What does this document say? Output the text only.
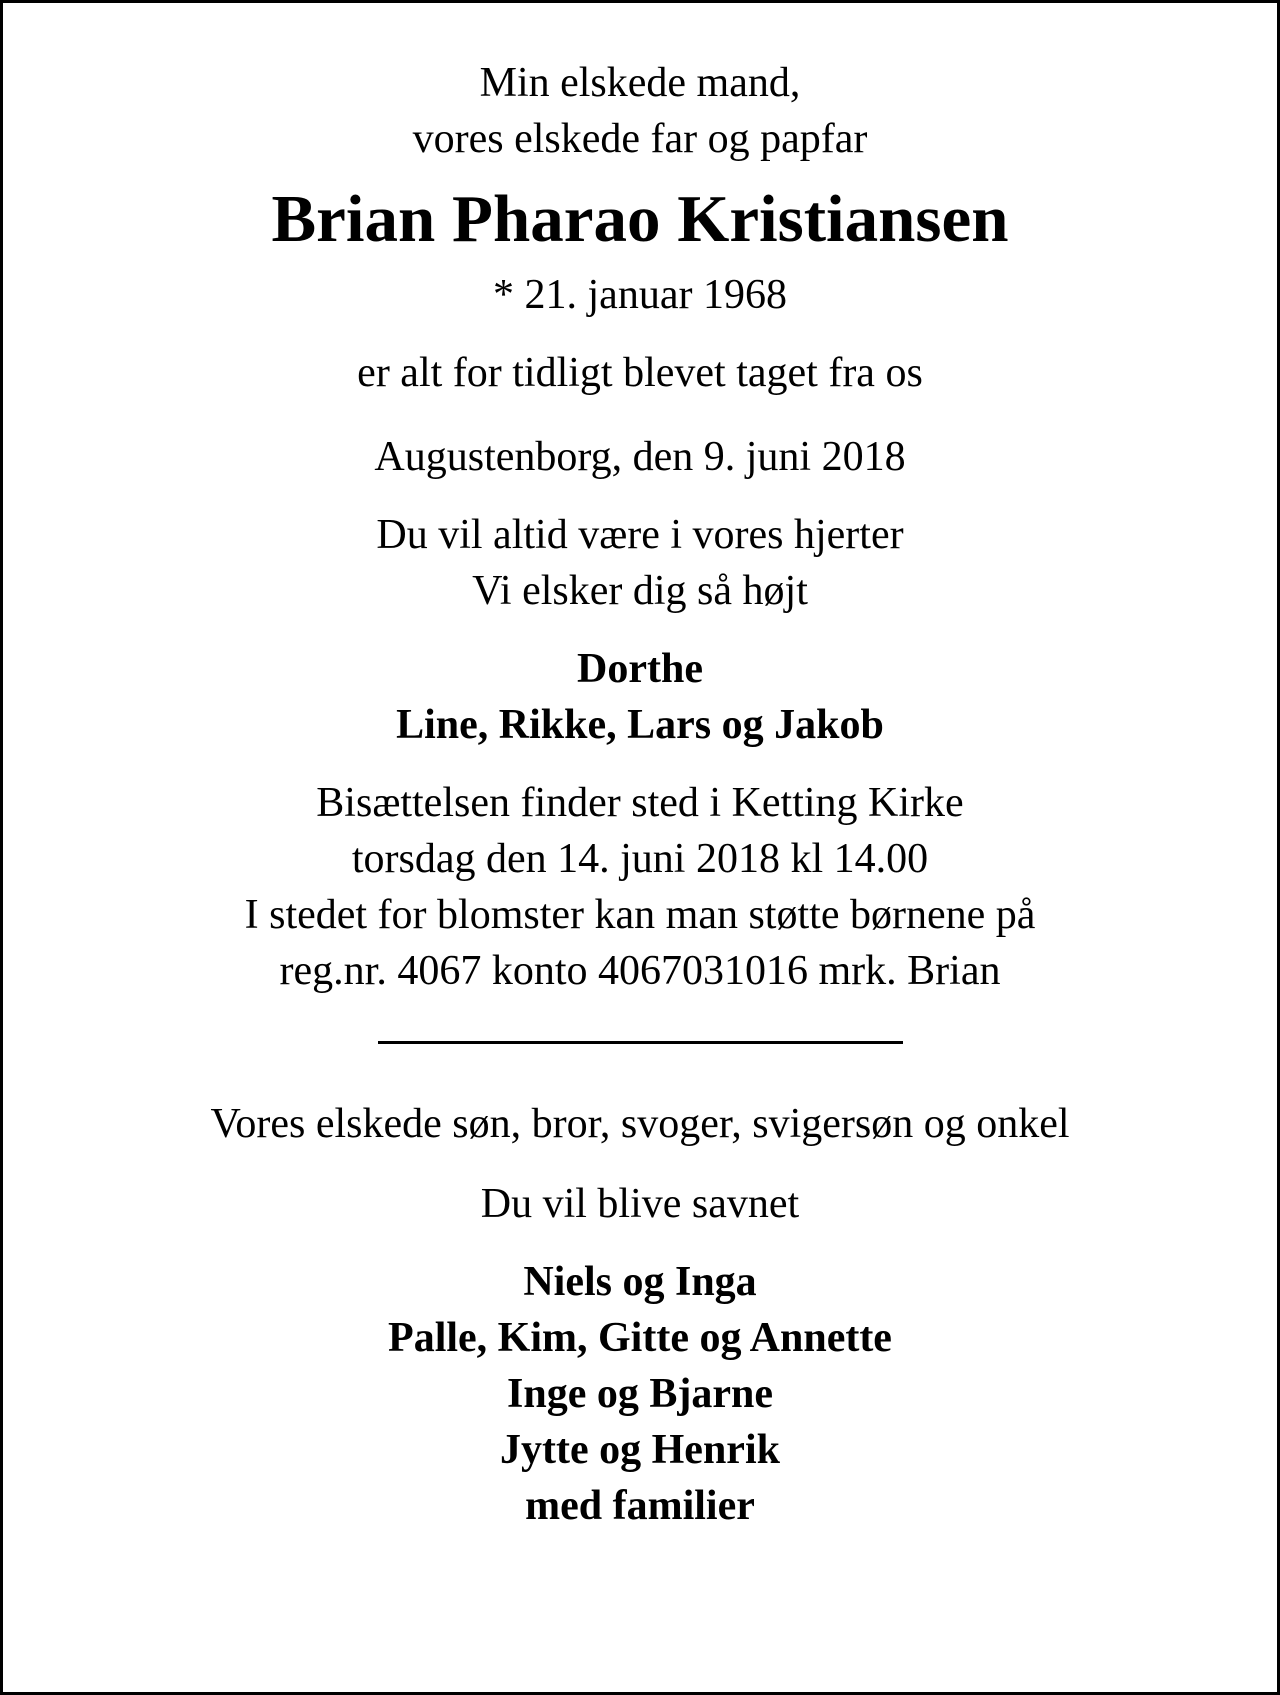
Min elskede mand,
vores elskede far og papfar
Brian Pharao Kristiansen
* 21. januar 1968
er alt for tidligt blevet taget fra os
Augustenborg, den 9. juni 2018
Du vil altid være i vores hjerter
Vi elsker dig så højt
Dorthe
Line, Rikke, Lars og Jakob
Bisættelsen finder sted i Ketting Kirke
torsdag den 14. juni 2018 kl 14.00
I stedet for blomster kan man støtte børnene på
reg.nr. 4067 konto 4067031016 mrk. Brian
Vores elskede søn, bror, svoger, svigersøn og onkel
Du vil blive savnet
Niels og Inga
Palle, Kim, Gitte og Annette
Inge og Bjarne
Jytte og Henrik
med familier
